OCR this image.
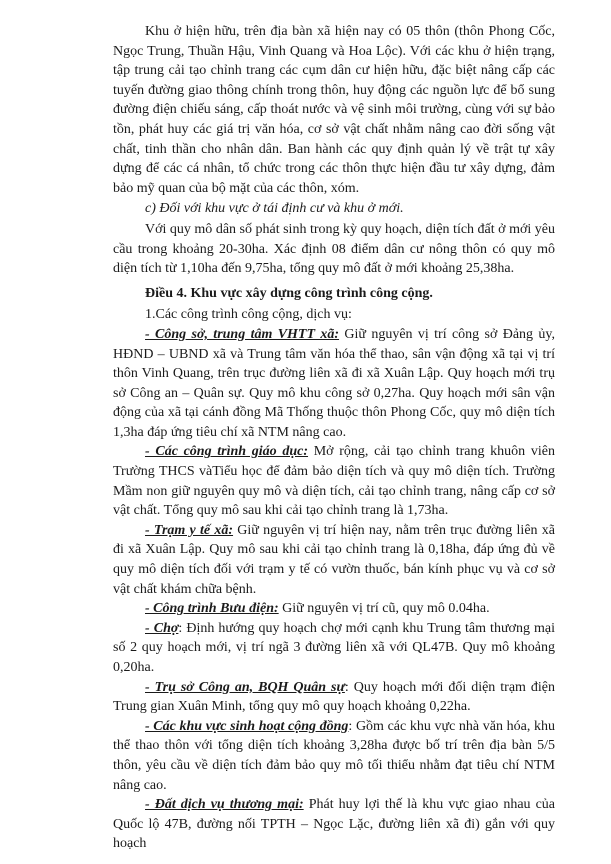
Khu ở hiện hữu, trên địa bàn xã hiện nay có 05 thôn (thôn Phong Cốc, Ngọc Trung, Thuần Hậu, Vinh Quang và Hoa Lộc). Với các khu ở hiện trạng, tập trung cải tạo chỉnh trang các cụm dân cư hiện hữu, đặc biệt nâng cấp các tuyến đường giao thông chính trong thôn, huy động các nguồn lực để bổ sung đường điện chiếu sáng, cấp thoát nước và vệ sinh môi trường, cùng với sự bảo tồn, phát huy các giá trị văn hóa, cơ sở vật chất nhằm nâng cao đời sống vật chất, tinh thần cho nhân dân. Ban hành các quy định quản lý về trật tự xây dựng để các cá nhân, tổ chức trong các thôn thực hiện đầu tư xây dựng, đảm bảo mỹ quan của bộ mặt của các thôn, xóm.

c) Đối với khu vực ở tái định cư và khu ở mới.

Với quy mô dân số phát sinh trong kỳ quy hoạch, diện tích đất ở mới yêu cầu trong khoảng 20-30ha. Xác định 08 điểm dân cư nông thôn có quy mô diện tích từ 1,10ha đến 9,75ha, tổng quy mô đất ở mới khoảng 25,38ha.

Điều 4. Khu vực xây dựng công trình công cộng.

1.Các công trình công cộng, dịch vụ:

- Công sở, trung tâm VHTT xã: Giữ nguyên vị trí công sở Đảng ủy, HĐND – UBND xã và Trung tâm văn hóa thể thao, sân vận động xã tại vị trí thôn Vinh Quang, trên trục đường liên xã đi xã Xuân Lập. Quy hoạch mới trụ sở Công an – Quân sự. Quy mô khu công sở 0,27ha. Quy hoạch mới sân vận động của xã tại cánh đồng Mã Thống thuộc thôn Phong Cốc, quy mô diện tích 1,3ha đáp ứng tiêu chí xã NTM nâng cao.

- Các công trình giáo dục: Mở rộng, cải tạo chỉnh trang khuôn viên Trường THCS vàTiểu học để đảm bảo diện tích và quy mô diện tích. Trường Mầm non giữ nguyên quy mô và diện tích, cải tạo chỉnh trang, nâng cấp cơ sở vật chất. Tổng quy mô sau khi cải tạo chỉnh trang là 1,73ha.

- Trạm y tế xã: Giữ nguyên vị trí hiện nay, nằm trên trục đường liên xã đi xã Xuân Lập. Quy mô sau khi cải tạo chỉnh trang là 0,18ha, đáp ứng đủ về quy mô diện tích đối với trạm y tế có vườn thuốc, bán kính phục vụ và cơ sở vật chất khám chữa bệnh.

- Công trình Bưu điện: Giữ nguyên vị trí cũ, quy mô 0.04ha.

- Chợ: Định hướng quy hoạch chợ mới cạnh khu Trung tâm thương mại số 2 quy hoạch mới, vị trí ngã 3 đường liên xã với QL47B. Quy mô khoảng 0,20ha.

- Trụ sở Công an, BQH Quân sự: Quy hoạch mới đối diện trạm điện Trung gian Xuân Minh, tổng quy mô quy hoạch khoảng 0,22ha.

- Các khu vực sinh hoạt cộng đồng: Gồm các khu vực nhà văn hóa, khu thể thao thôn với tổng diện tích khoảng 3,28ha được bố trí trên địa bàn 5/5 thôn, yêu cầu về diện tích đảm bảo quy mô tối thiểu nhằm đạt tiêu chí NTM nâng cao.

- Đất dịch vụ thương mại: Phát huy lợi thế là khu vực giao nhau của Quốc lộ 47B, đường nối TPTH – Ngọc Lặc, đường liên xã đi) gắn với quy hoạch
